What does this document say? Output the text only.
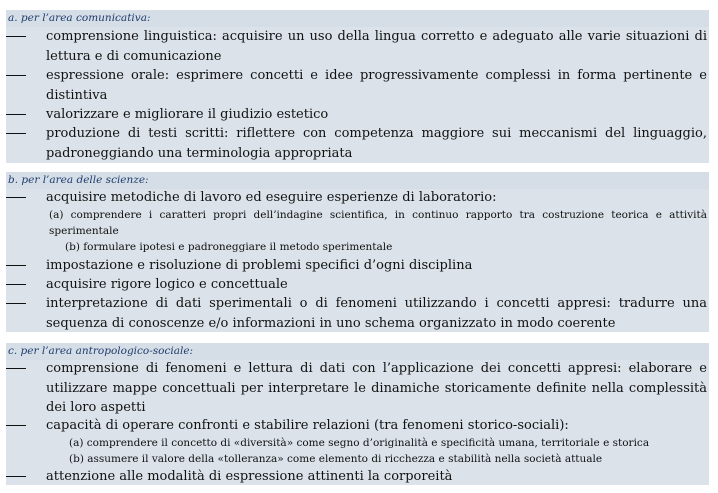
a. per l’area comunicativa:
comprensione linguistica: acquisire un uso della lingua corretto e adeguato alle varie situazioni di lettura e di comunicazione
espressione orale: esprimere concetti e idee progressivamente complessi in forma pertinente e distintiva
valorizzare e migliorare il giudizio estetico
produzione di testi scritti: riflettere con competenza maggiore sui meccanismi del linguaggio, padroneggiando una terminologia appropriata
b. per l’area delle scienze:
acquisire metodiche di lavoro ed eseguire esperienze di laboratorio:
(a) comprendere i caratteri propri dell’indagine scientifica, in continuo rapporto tra costruzione teorica e attività sperimentale
(b) formulare ipotesi e padroneggiare il metodo sperimentale
impostazione e risoluzione di problemi specifici d’ogni disciplina
acquisire rigore logico e concettuale
interpretazione di dati sperimentali o di fenomeni utilizzando i concetti appresi: tradurre una sequenza di conoscenze e/o informazioni in uno schema organizzato in modo coerente
c. per l’area antropologico-sociale:
comprensione di fenomeni e lettura di dati con l’applicazione dei concetti appresi: elaborare e utilizzare mappe concettuali per interpretare le dinamiche storicamente definite nella complessità dei loro aspetti
capacità di operare confronti e stabilire relazioni (tra fenomeni storico-sociali):
(a) comprendere il concetto di «diversità» come segno d’originalità e specificità umana, territoriale e storica
(b) assumere il valore della «tolleranza» come elemento di ricchezza e stabilità nella società attuale
attenzione alle modalità di espressione attinenti la corporeità
